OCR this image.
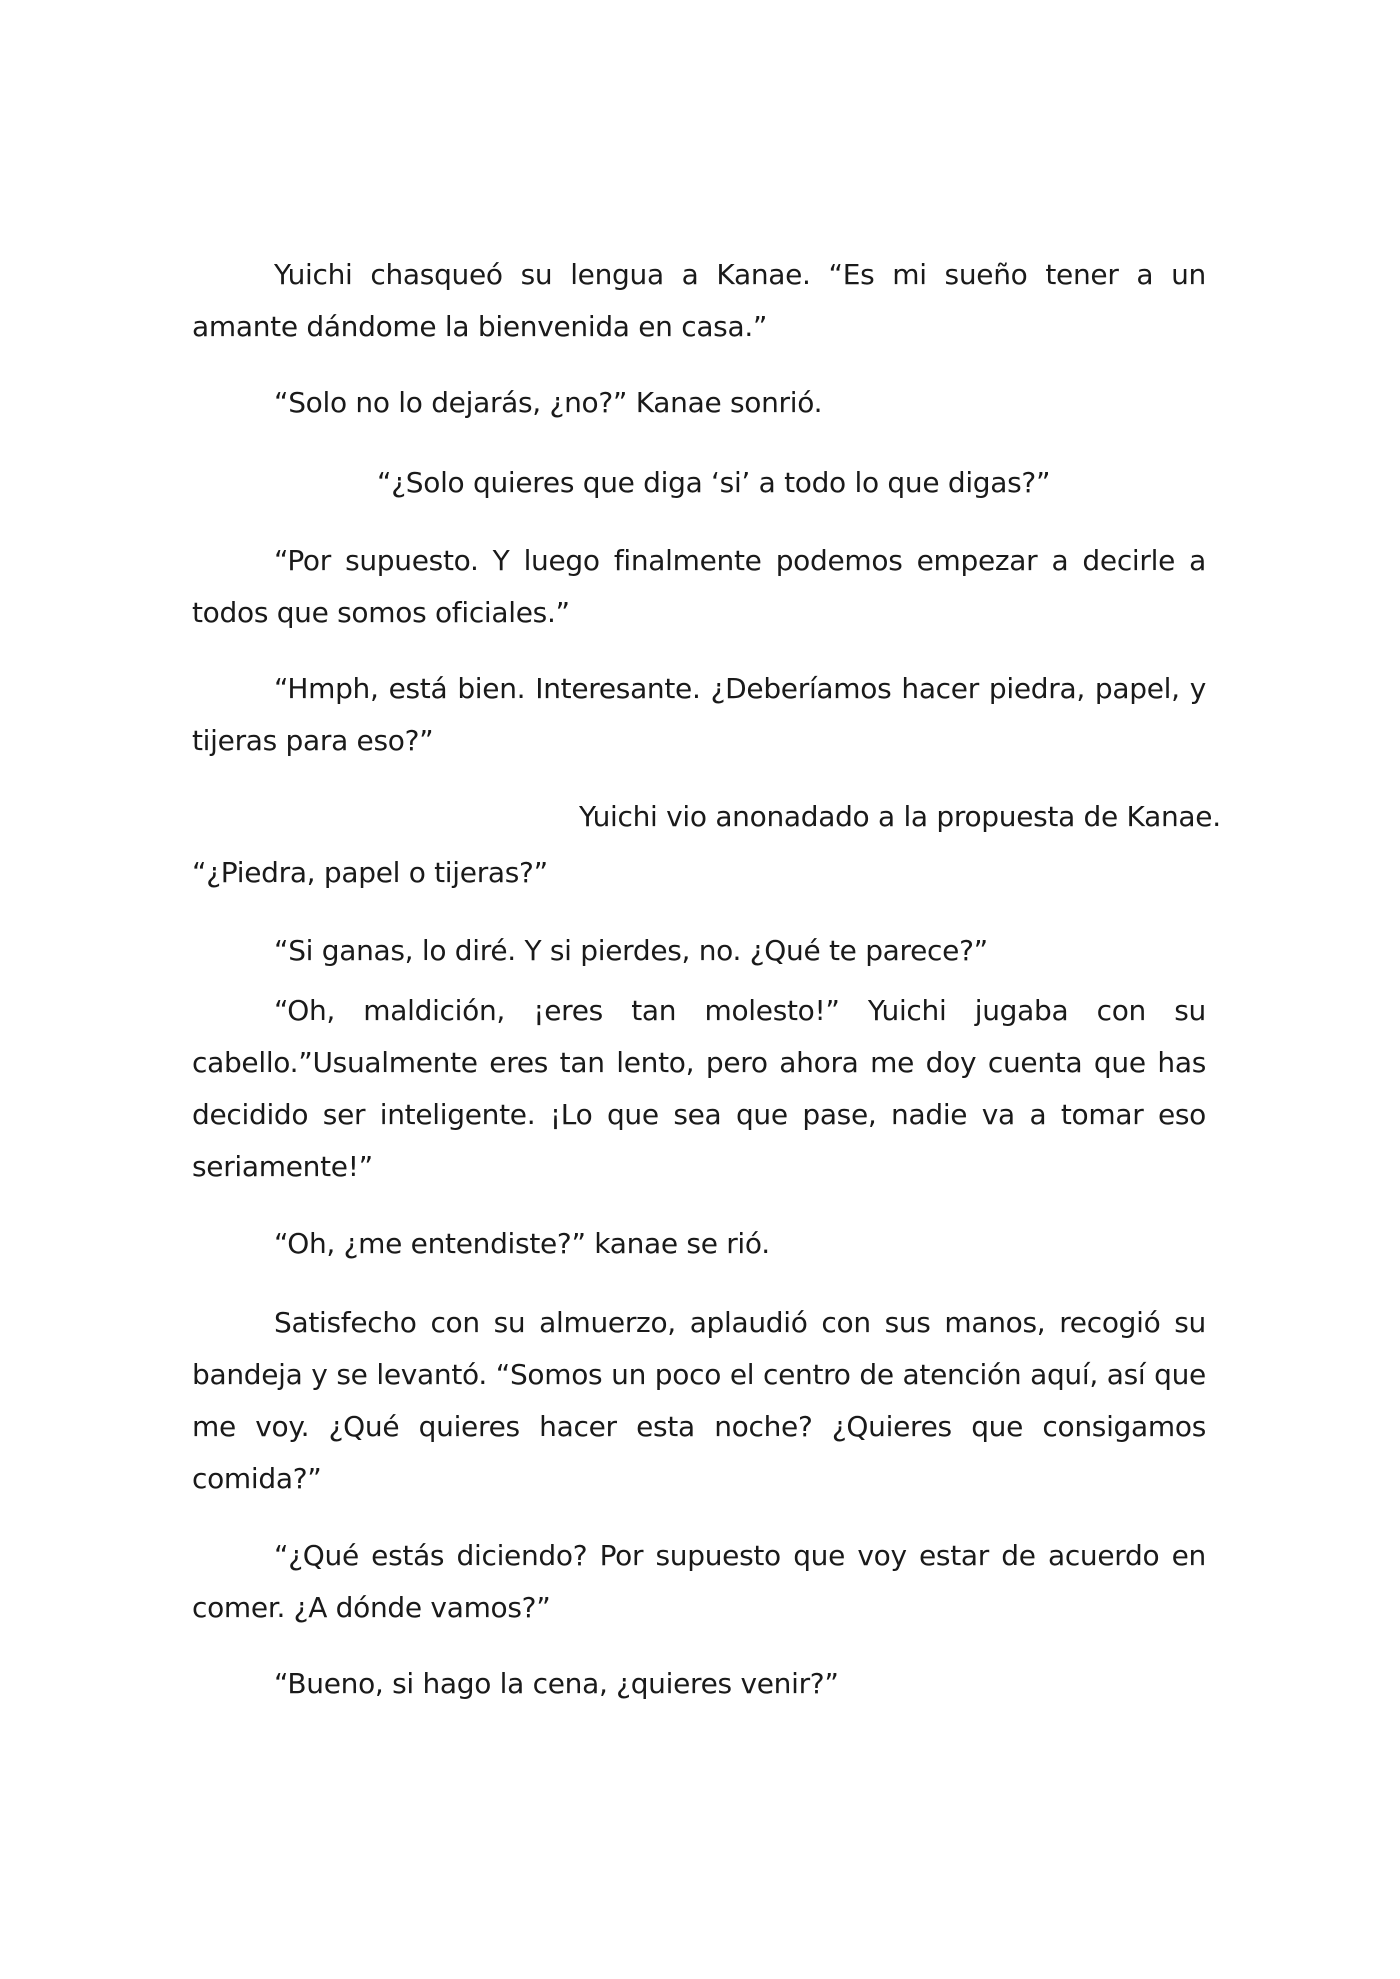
Yuichi chasqueó su lengua a Kanae. “Es mi sueño tener a un amante dándome la bienvenida en casa.”

“Solo no lo dejarás, ¿no?” Kanae sonrió.

“¿Solo quieres que diga ‘si’ a todo lo que digas?”

“Por supuesto. Y luego finalmente podemos empezar a decirle a todos que somos oficiales.”

“Hmph, está bien. Interesante. ¿Deberíamos hacer piedra, papel, y tijeras para eso?”

Yuichi vio anonadado a la propuesta de Kanae.

“¿Piedra, papel o tijeras?”

“Si ganas, lo diré. Y si pierdes, no. ¿Qué te parece?”

“Oh, maldición, ¡eres tan molesto!” Yuichi jugaba con su cabello.”Usualmente eres tan lento, pero ahora me doy cuenta que has decidido ser inteligente. ¡Lo que sea que pase, nadie va a tomar eso seriamente!”

“Oh, ¿me entendiste?” kanae se rió.

Satisfecho con su almuerzo, aplaudió con sus manos, recogió su bandeja y se levantó. “Somos un poco el centro de atención aquí, así que me voy. ¿Qué quieres hacer esta noche? ¿Quieres que consigamos comida?”

“¿Qué estás diciendo? Por supuesto que voy estar de acuerdo en comer. ¿A dónde vamos?”

“Bueno, si hago la cena, ¿quieres venir?”
